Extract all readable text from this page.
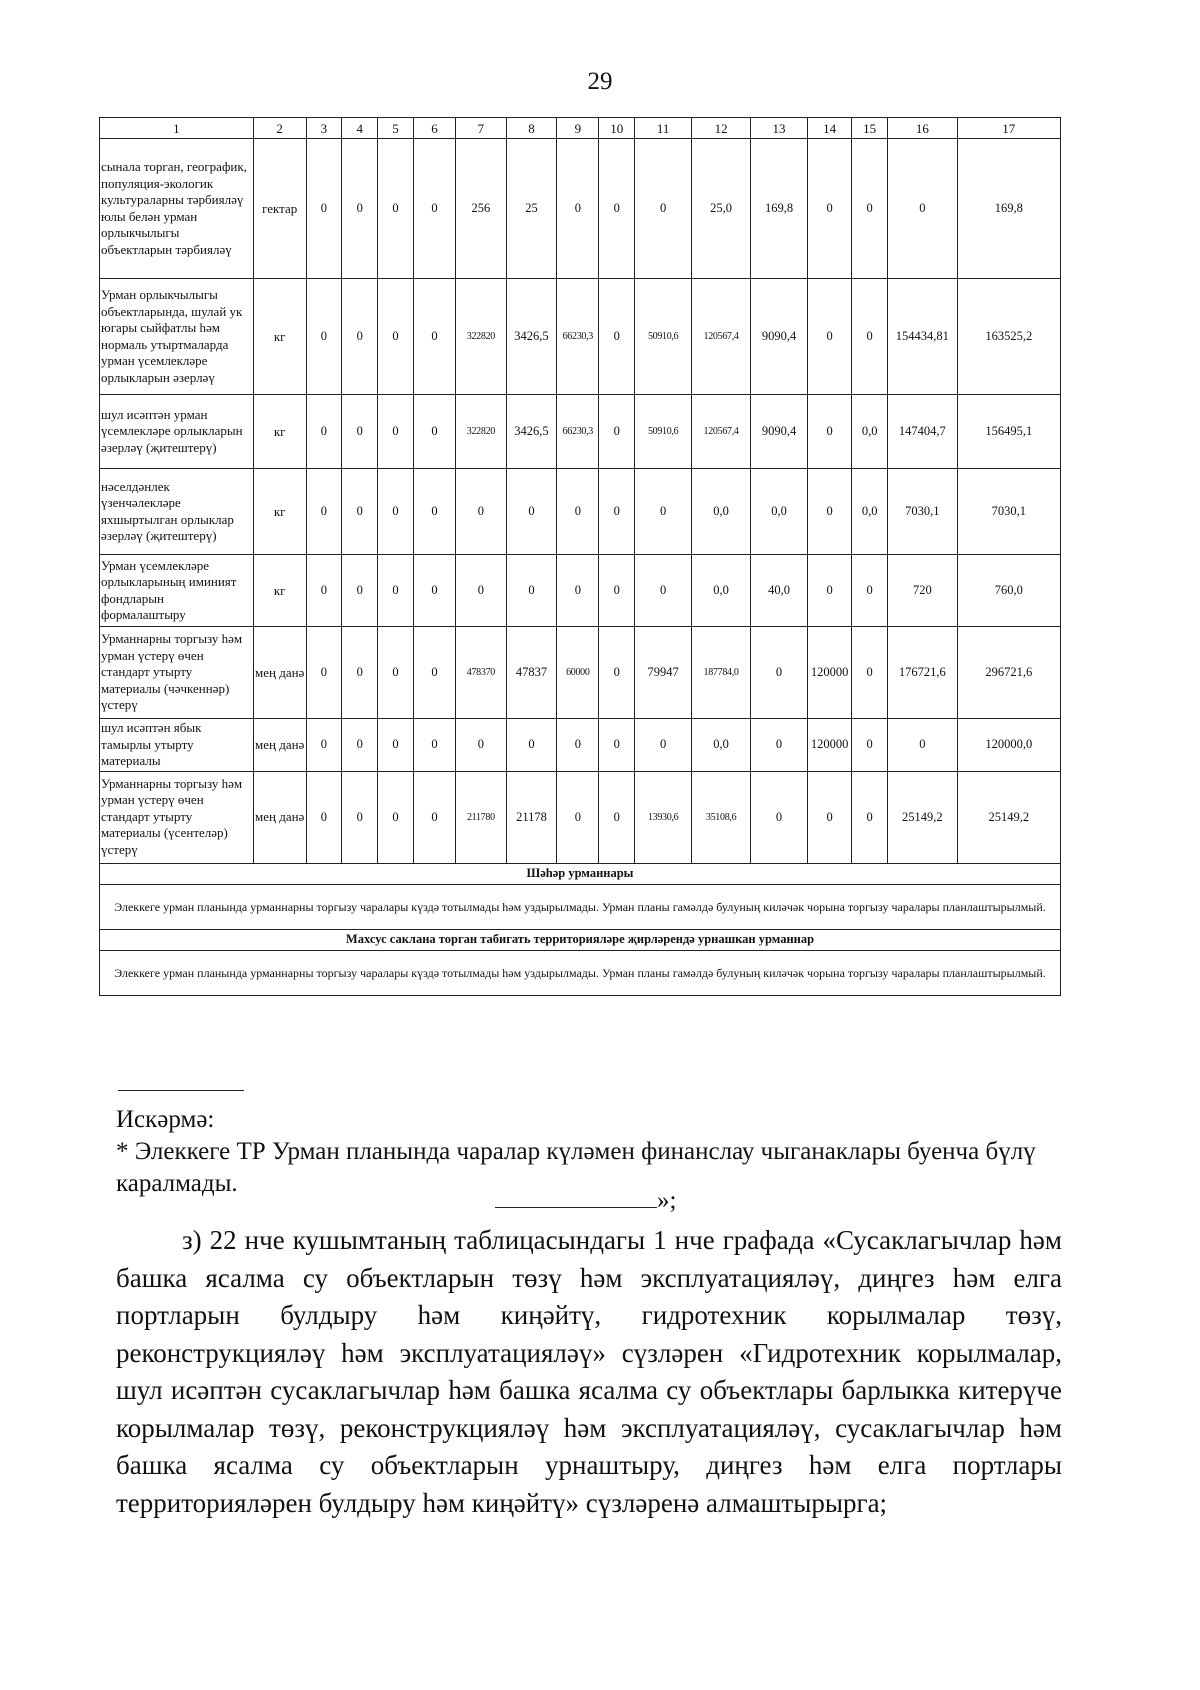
29
1	2	3	4	5	6	7	8	9	10	11	12	13	14	15	16	17
сынала торган, географик, популяция-экологик культураларны тәрбияләү юлы белән урман орлыкчылыгы объектларын тәрбияләү	гектар	0	0	0	0	256	25	0	0	0	25,0	169,8	0	0	0	169,8
Урман орлыкчылыгы объектларында, шулай ук югары сыйфатлы һәм нормаль утыртмаларда урман үсемлекләре орлыкларын әзерләү	кг	0	0	0	0	322820	3426,5	66230,3	0	50910,6	120567,4	9090,4	0	0	154434,81	163525,2
шул исәптән урман үсемлекләре орлыкларын әзерләү (җитештерү)	кг	0	0	0	0	322820	3426,5	66230,3	0	50910,6	120567,4	9090,4	0	0,0	147404,7	156495,1
нәселдәнлек үзенчәлекләре яхшыртылган орлыклар әзерләү (җитештерү)	кг	0	0	0	0	0	0	0	0	0	0,0	0,0	0	0,0	7030,1	7030,1
Урман үсемлекләре орлыкларының иминият фондларын формалаштыру	кг	0	0	0	0	0	0	0	0	0	0,0	40,0	0	0	720	760,0
Урманнарны торгызу һәм урман үстерү өчен стандарт утырту материалы (чәчкеннәр) үстерү	мең данә	0	0	0	0	478370	47837	60000	0	79947	187784,0	0	120000	0	176721,6	296721,6
шул исәптән ябык тамырлы утырту материалы	мең данә	0	0	0	0	0	0	0	0	0	0,0	0	120000	0	0	120000,0
Урманнарны торгызу һәм урман үстерү өчен стандарт утырту материалы (үсентеләр) үстерү	мең данә	0	0	0	0	211780	21178	0	0	13930,6	35108,6	0	0	0	25149,2	25149,2
Шәһәр урманнары																
Элеккеге урман планында урманнарны торгызу чаралары күздә тотылмады һәм уздырылмады. Урман планы гамәлдә булуның киләчәк чорына торгызу чаралары планлаштырылмый.																
Махсус саклана торган табигать территорияләре җирләрендә урнашкан урманнар																
Элеккеге урман планында урманнарны торгызу чаралары күздә тотылмады һәм уздырылмады. Урман планы гамәлдә булуның киләчәк чорына торгызу чаралары планлаштырылмый.																

Искәрмә:

* Элеккеге ТР Урман планында чаралар күләмен финанслау чыганаклары буенча бүлү каралмады.

»;
з) 22 нче кушымтаның таблицасындагы 1 нче графада «Сусаклагычлар һәм башка ясалма су объектларын төзү һәм эксплуатацияләү, диңгез һәм елга портларын булдыру һәм киңәйтү, гидротехник корылмалар төзү, реконструкцияләү һәм эксплуатацияләү» сүзләрен «Гидротехник корылмалар, шул исәптән сусаклагычлар һәм башка ясалма су объектлары барлыкка китерүче корылмалар төзү, реконструкцияләү һәм эксплуатацияләү, сусаклагычлар һәм башка ясалма су объектларын урнаштыру, диңгез һәм елга портлары территорияләрен булдыру һәм киңәйтү» сүзләренә алмаштырырга;
